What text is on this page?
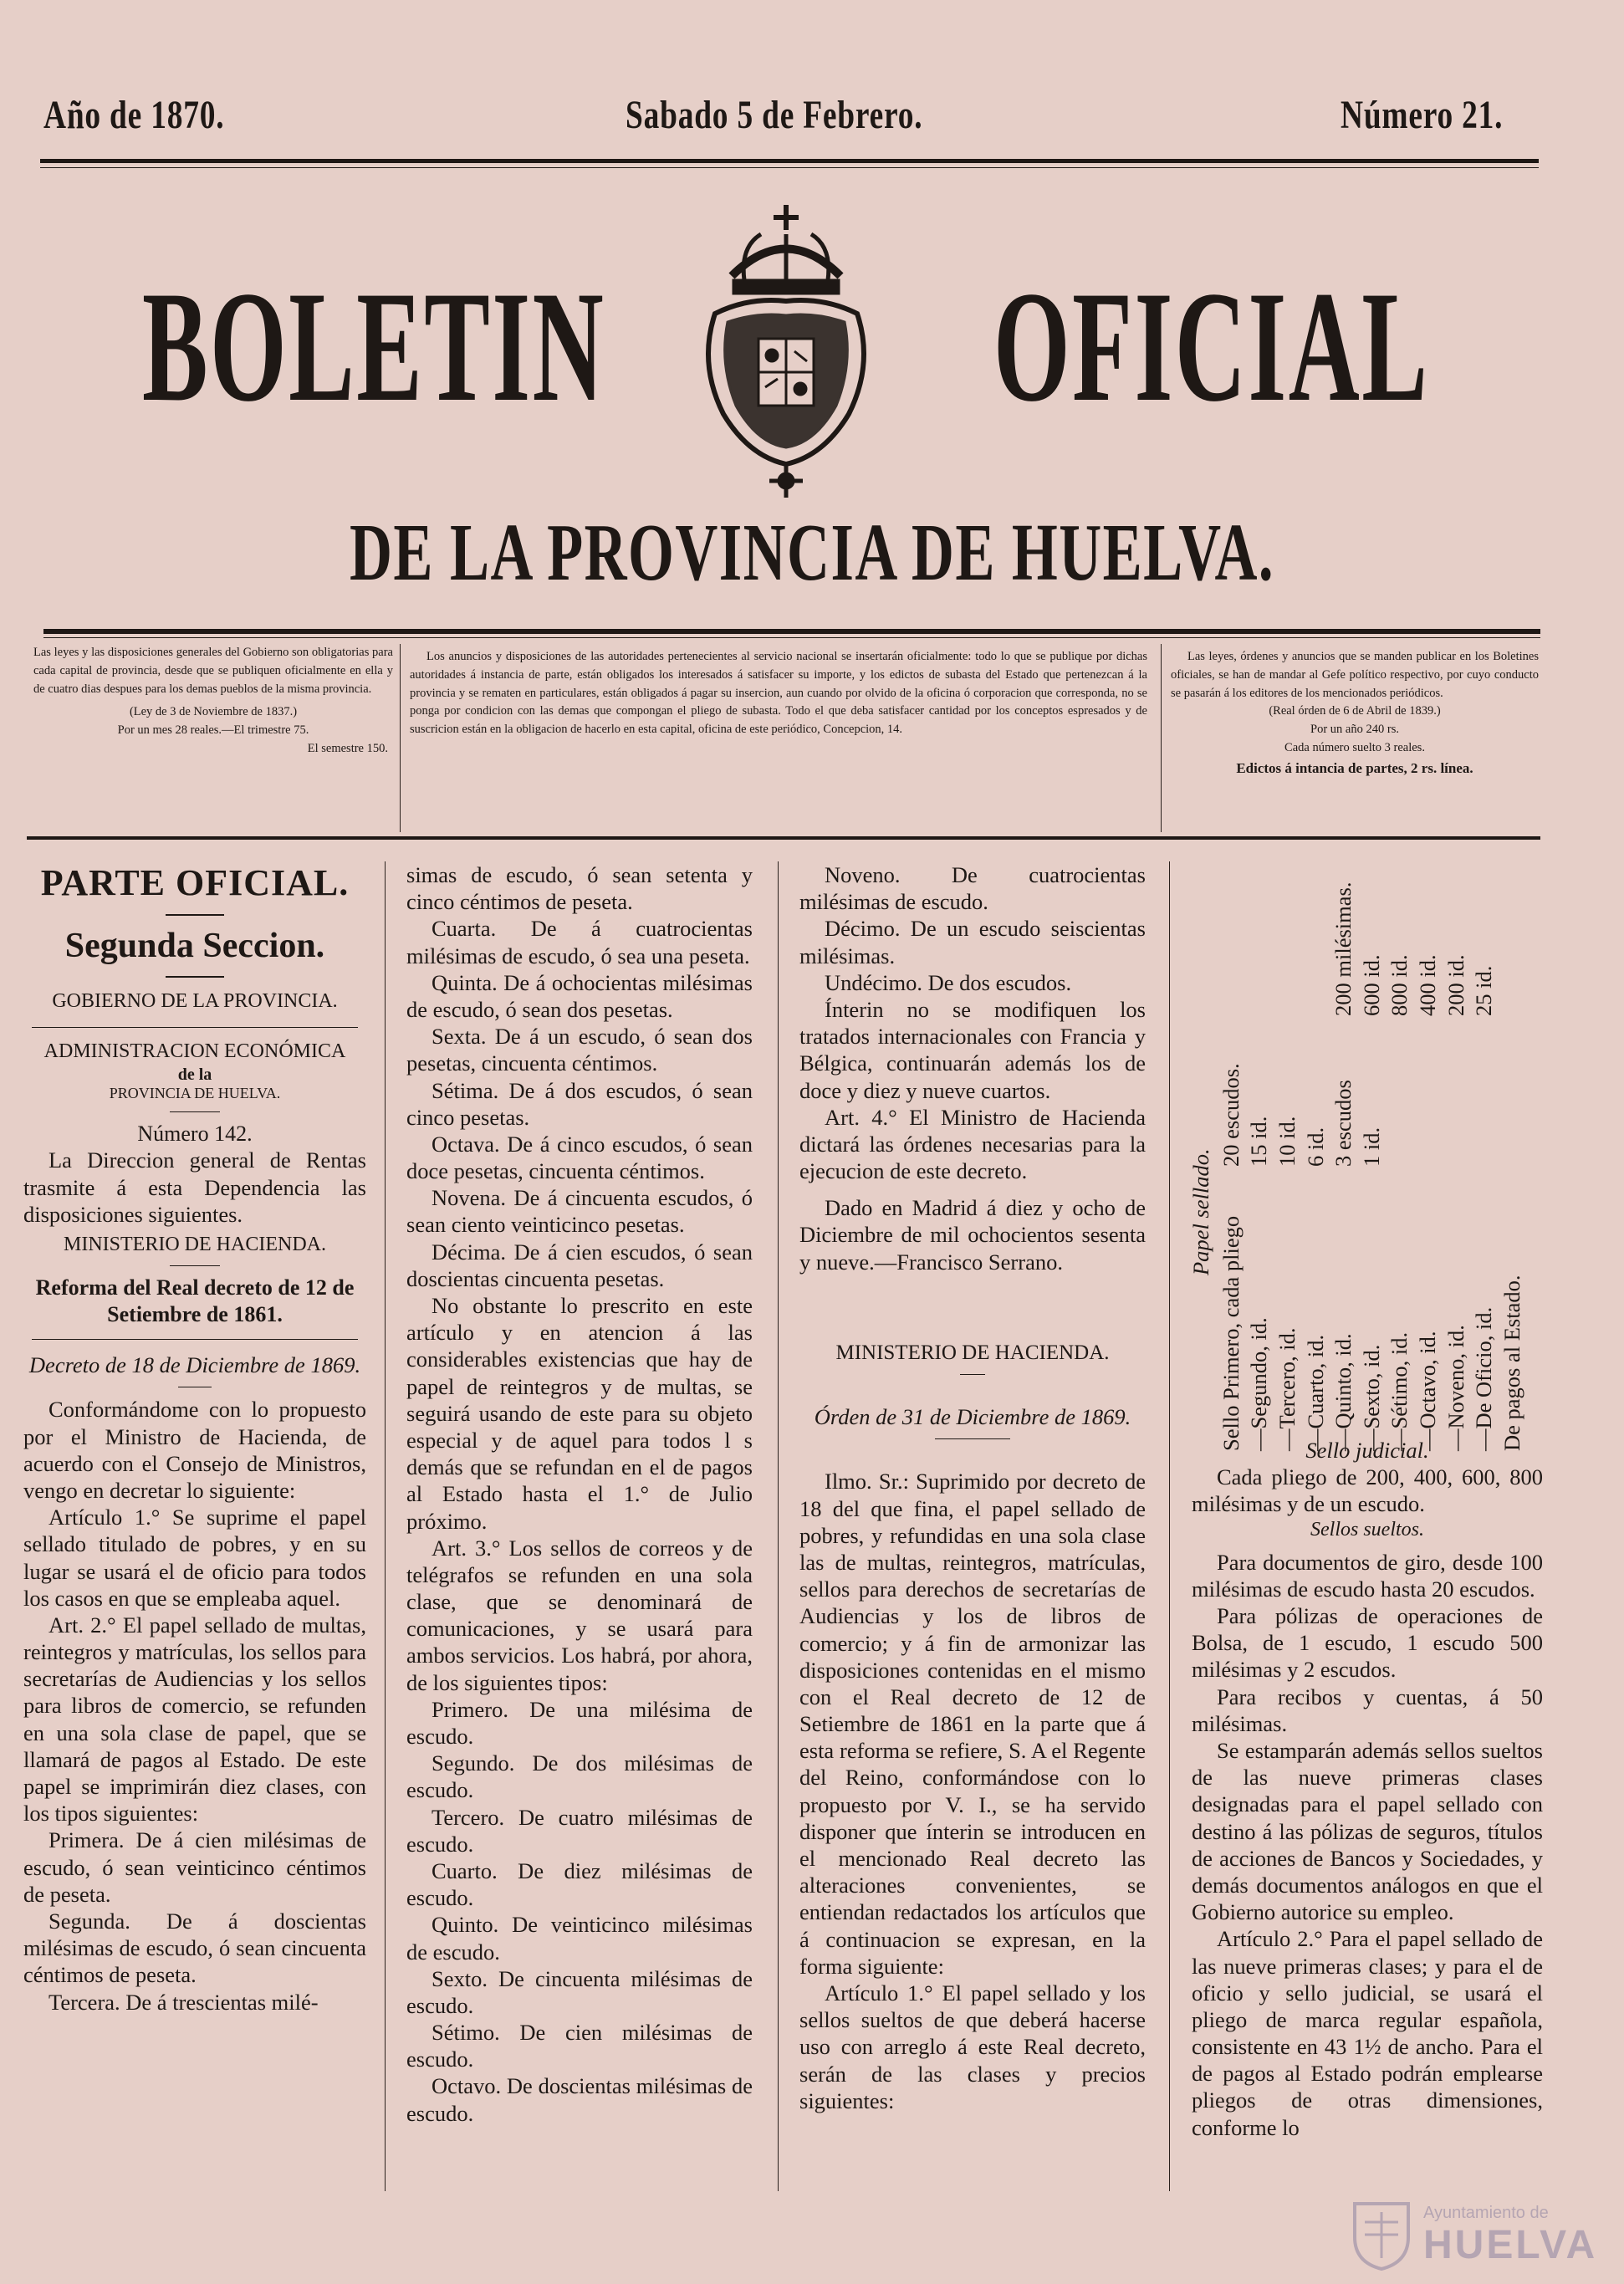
Año de 1870.	Sabado 5 de Febrero.	Número 21.
BOLETIN OFICIAL
DE LA PROVINCIA DE HUELVA.

Las leyes y las disposiciones generales del Gobierno son obligatorias para cada capital de provincia, desde que se publiquen oficialmente en ella y de cuatro dias despues para los demas pueblos de la misma provincia.

(Ley de 3 de Noviembre de 1837.)

Por un mes 28 reales.—El trimestre 75.

El semestre 150.

Los anuncios y disposiciones de las autoridades pertenecientes al servicio nacional se insertarán oficialmente: todo lo que se publique por dichas autoridades á instancia de parte, están obligados los interesados á satisfacer su importe, y los edictos de subasta del Estado que pertenezcan á la provincia y se rematen en particulares, están obligados á pagar su insercion, aun cuando por olvido de la oficina ó corporacion que corresponda, no se ponga por condicion con las demas que compongan el pliego de subasta. Todo el que deba satisfacer cantidad por los conceptos espresados y de suscricion están en la obligacion de hacerlo en esta capital, oficina de este periódico, Concepcion, 14.

Las leyes, órdenes y anuncios que se manden publicar en los Boletines oficiales, se han de mandar al Gefe político respectivo, por cuyo conducto se pasarán á los editores de los mencionados periódicos.

(Real órden de 6 de Abril de 1839.)

Por un año 240 rs.

Cada número suelto 3 reales.

Edictos á intancia de partes, 2 rs. línea.

PARTE OFICIAL.

Segunda Seccion.

GOBIERNO DE LA PROVINCIA.

ADMINISTRACION ECONÓMICA

de la

PROVINCIA DE HUELVA.

Número 142.

La Direccion general de Rentas trasmite á esta Dependencia las disposiciones siguientes.

MINISTERIO DE HACIENDA.

Reforma del Real decreto de 12 de Setiembre de 1861.

Decreto de 18 de Diciembre de 1869.

Conformándome con lo propuesto por el Ministro de Hacienda, de acuerdo con el Consejo de Ministros, vengo en decretar lo siguiente:

Artículo 1.° Se suprime el papel sellado titulado de pobres, y en su lugar se usará el de oficio para todos los casos en que se empleaba aquel.

Art. 2.° El papel sellado de multas, reintegros y matrículas, los sellos para secretarías de Audiencias y los sellos para libros de comercio, se refunden en una sola clase de papel, que se llamará de pagos al Estado. De este papel se imprimirán diez clases, con los tipos siguientes:

Primera. De á cien milésimas de escudo, ó sean veinticinco céntimos de peseta.

Segunda. De á doscientas milésimas de escudo, ó sean cincuenta céntimos de peseta.

Tercera. De á trescientas milé-

simas de escudo, ó sean setenta y cinco céntimos de peseta.

Cuarta. De á cuatrocientas milésimas de escudo, ó sea una peseta.

Quinta. De á ochocientas milésimas de escudo, ó sean dos pesetas.

Sexta. De á un escudo, ó sean dos pesetas, cincuenta céntimos.

Sétima. De á dos escudos, ó sean cinco pesetas.

Octava. De á cinco escudos, ó sean doce pesetas, cincuenta céntimos.

Novena. De á cincuenta escudos, ó sean ciento veinticinco pesetas.

Décima. De á cien escudos, ó sean doscientas cincuenta pesetas.

No obstante lo prescrito en este artículo y en atencion á las considerables existencias que hay de papel de reintegros y de multas, se seguirá usando de este para su objeto especial y de aquel para todos l s demás que se refundan en el de pagos al Estado hasta el 1.° de Julio próximo.

Art. 3.° Los sellos de correos y de telégrafos se refunden en una sola clase, que se denominará de comunicaciones, y se usará para ambos servicios. Los habrá, por ahora, de los siguientes tipos:

Primero. De una milésima de escudo.

Segundo. De dos milésimas de escudo.

Tercero. De cuatro milésimas de escudo.

Cuarto. De diez milésimas de escudo.

Quinto. De veinticinco milésimas de escudo.

Sexto. De cincuenta milésimas de escudo.

Sétimo. De cien milésimas de escudo.

Octavo. De doscientas milésimas de escudo.

Noveno. De cuatrocientas milésimas de escudo.

Décimo. De un escudo seiscientas milésimas.

Undécimo. De dos escudos.

Ínterin no se modifiquen los tratados internacionales con Francia y Bélgica, continuarán además los de doce y diez y nueve cuartos.

Art. 4.° El Ministro de Hacienda dictará las órdenes necesarias para la ejecucion de este decreto.

Dado en Madrid á diez y ocho de Diciembre de mil ochocientos sesenta y nueve.—Francisco Serrano.

MINISTERIO DE HACIENDA.

Órden de 31 de Diciembre de 1869.

Ilmo. Sr.: Suprimido por decreto de 18 del que fina, el papel sellado de pobres, y refundidas en una sola clase las de multas, reintegros, matrículas, sellos para derechos de secretarías de Audiencias y los de libros de comercio; y á fin de armonizar las disposiciones contenidas en el mismo con el Real decreto de 12 de Setiembre de 1861 en la parte que á esta reforma se refiere, S. A el Regente del Reino, conformándose con lo propuesto por V. I., se ha servido disponer que ínterin se introducen en el mencionado Real decreto las alteraciones convenientes, se entiendan redactados los artículos que á continuacion se expresan, en la forma siguiente:

Artículo 1.° El papel sellado y los sellos sueltos de que deberá hacerse uso con arreglo á este Real decreto, serán de las clases y precios siguientes:

Papel sellado.
Sello Primero, cada pliego
20 escudos.
—Segundo, id.
15 id.
—Tercero, id.
10 id.
—Cuarto, id.
6 id.
—Quinto, id.
3 escudos
200 milésimas.
—Sexto, id.
1 id.
600 id.
—Sétimo, id.
800 id.
—Octavo, id.
400 id.
—Noveno, id.
200 id.
—De Oficio, id.
25 id.
De pagos al Estado.

Sello judicial.

Cada pliego de 200, 400, 600, 800 milésimas y de un escudo.

Sellos sueltos.

Para documentos de giro, desde 100 milésimas de escudo hasta 20 escudos.

Para pólizas de operaciones de Bolsa, de 1 escudo, 1 escudo 500 milésimas y 2 escudos.

Para recibos y cuentas, á 50 milésimas.

Se estamparán además sellos sueltos de las nueve primeras clases designadas para el papel sellado con destino á las pólizas de seguros, títulos de acciones de Bancos y Sociedades, y demás documentos análogos en que el Gobierno autorice su empleo.

Artículo 2.° Para el papel sellado de las nueve primeras clases; y para el de oficio y sello judicial, se usará el pliego de marca regular española, consistente en 43 1½ de ancho. Para el de pagos al Estado podrán emplearse pliegos de otras dimensiones, conforme lo

Ayuntamiento de
HUELVA
